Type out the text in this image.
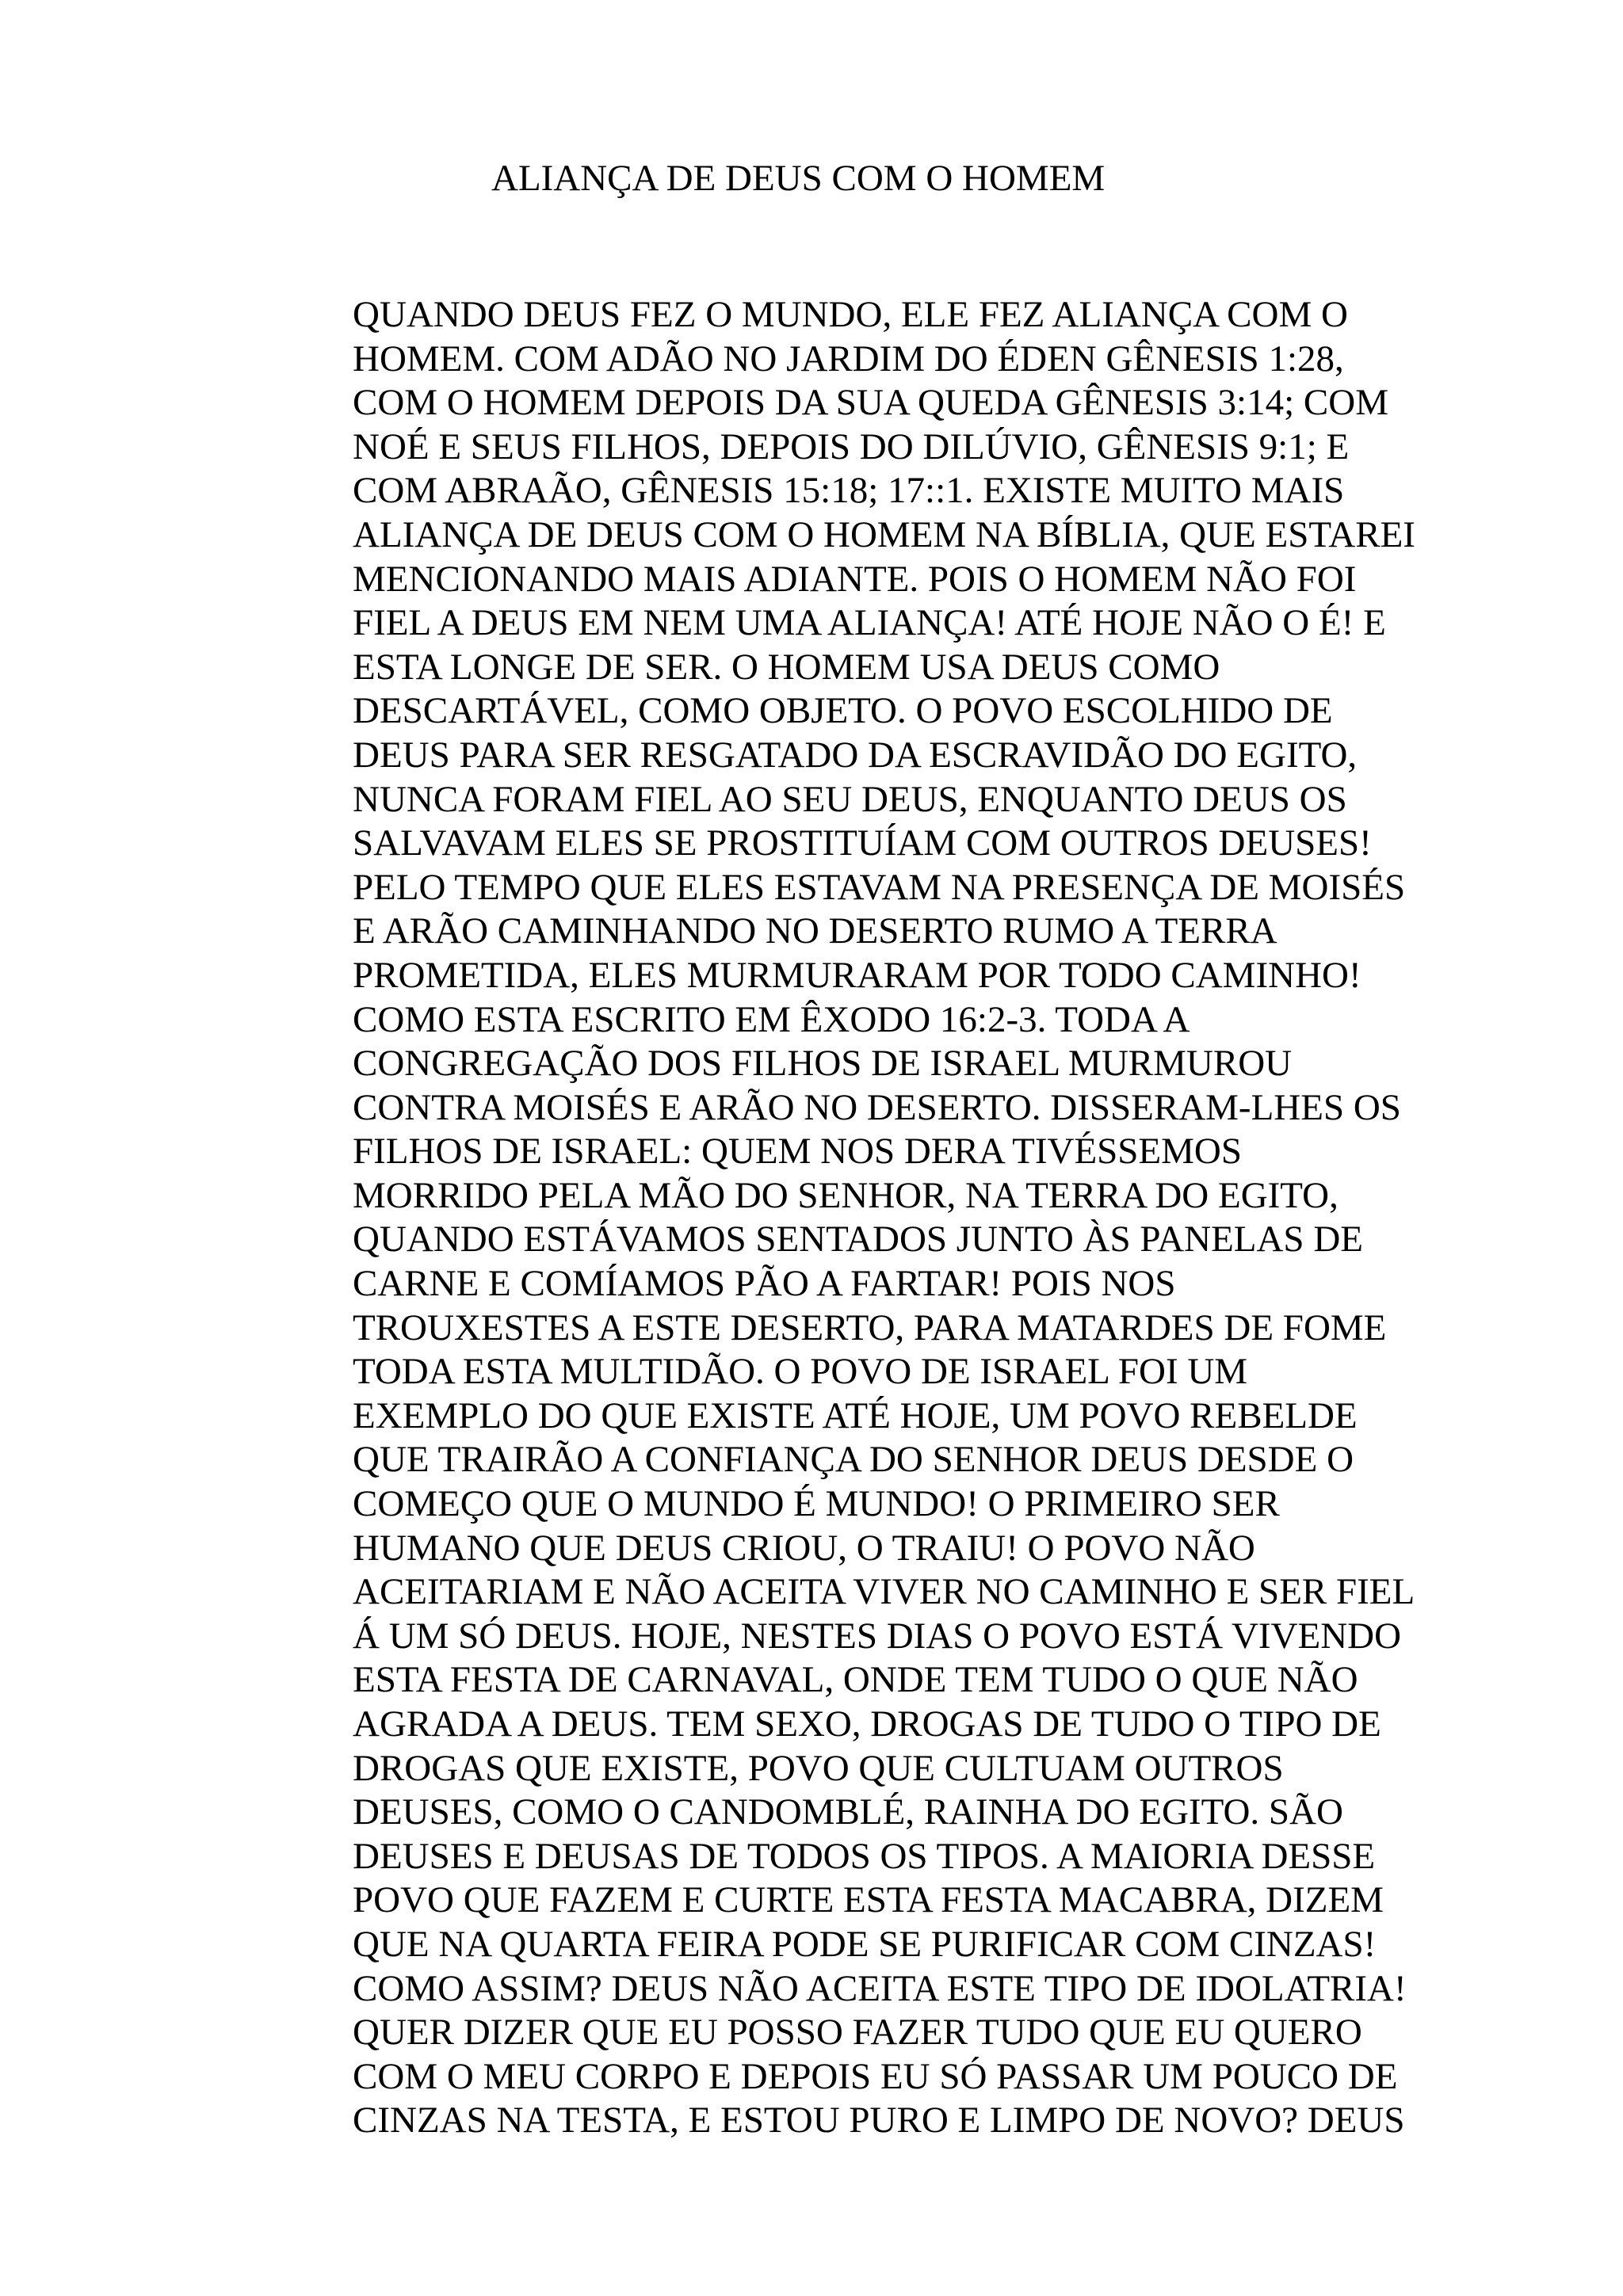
ALIANÇA DE DEUS COM O HOMEM
QUANDO DEUS FEZ O MUNDO, ELE FEZ ALIANÇA COM O
HOMEM. COM ADÃO NO JARDIM DO ÉDEN GÊNESIS 1:28,
COM O HOMEM DEPOIS DA SUA QUEDA GÊNESIS 3:14; COM
NOÉ E SEUS FILHOS, DEPOIS DO DILÚVIO, GÊNESIS 9:1; E
COM ABRAÃO, GÊNESIS 15:18; 17::1. EXISTE MUITO MAIS
ALIANÇA DE DEUS COM O HOMEM NA BÍBLIA, QUE ESTAREI
MENCIONANDO MAIS ADIANTE. POIS O HOMEM NÃO FOI
FIEL A DEUS EM NEM UMA ALIANÇA! ATÉ HOJE NÃO O É! E
ESTA LONGE DE SER. O HOMEM USA DEUS COMO
DESCARTÁVEL, COMO OBJETO. O POVO ESCOLHIDO DE
DEUS PARA SER RESGATADO DA ESCRAVIDÃO DO EGITO,
NUNCA FORAM FIEL AO SEU DEUS, ENQUANTO DEUS OS
SALVAVAM ELES SE PROSTITUÍAM COM OUTROS DEUSES!
PELO TEMPO QUE ELES ESTAVAM NA PRESENÇA DE MOISÉS
E ARÃO CAMINHANDO NO DESERTO RUMO A TERRA
PROMETIDA, ELES MURMURARAM POR TODO CAMINHO!
COMO ESTA ESCRITO EM ÊXODO 16:2-3. TODA A
CONGREGAÇÃO DOS FILHOS DE ISRAEL MURMUROU
CONTRA MOISÉS E ARÃO NO DESERTO. DISSERAM-LHES OS
FILHOS DE ISRAEL: QUEM NOS DERA TIVÉSSEMOS
MORRIDO PELA MÃO DO SENHOR, NA TERRA DO EGITO,
QUANDO ESTÁVAMOS SENTADOS JUNTO ÀS PANELAS DE
CARNE E COMÍAMOS PÃO A FARTAR! POIS NOS
TROUXESTES A ESTE DESERTO, PARA MATARDES DE FOME
TODA ESTA MULTIDÃO. O POVO DE ISRAEL FOI UM
EXEMPLO DO QUE EXISTE ATÉ HOJE, UM POVO REBELDE
QUE TRAIRÃO A CONFIANÇA DO SENHOR DEUS DESDE O
COMEÇO QUE O MUNDO É MUNDO! O PRIMEIRO SER
HUMANO QUE DEUS CRIOU, O TRAIU! O POVO NÃO
ACEITARIAM E NÃO ACEITA VIVER NO CAMINHO E SER FIEL
Á UM SÓ DEUS. HOJE, NESTES DIAS O POVO ESTÁ VIVENDO
ESTA FESTA DE CARNAVAL, ONDE TEM TUDO O QUE NÃO
AGRADA A DEUS. TEM SEXO, DROGAS DE TUDO O TIPO DE
DROGAS QUE EXISTE, POVO QUE CULTUAM OUTROS
DEUSES, COMO O CANDOMBLÉ, RAINHA DO EGITO. SÃO
DEUSES E DEUSAS DE TODOS OS TIPOS. A MAIORIA DESSE
POVO QUE FAZEM E CURTE ESTA FESTA MACABRA, DIZEM
QUE NA QUARTA FEIRA PODE SE PURIFICAR COM CINZAS!
COMO ASSIM? DEUS NÃO ACEITA ESTE TIPO DE IDOLATRIA!
QUER DIZER QUE EU POSSO FAZER TUDO QUE EU QUERO
COM O MEU CORPO E DEPOIS EU SÓ PASSAR UM POUCO DE
CINZAS NA TESTA, E ESTOU PURO E LIMPO DE NOVO? DEUS
